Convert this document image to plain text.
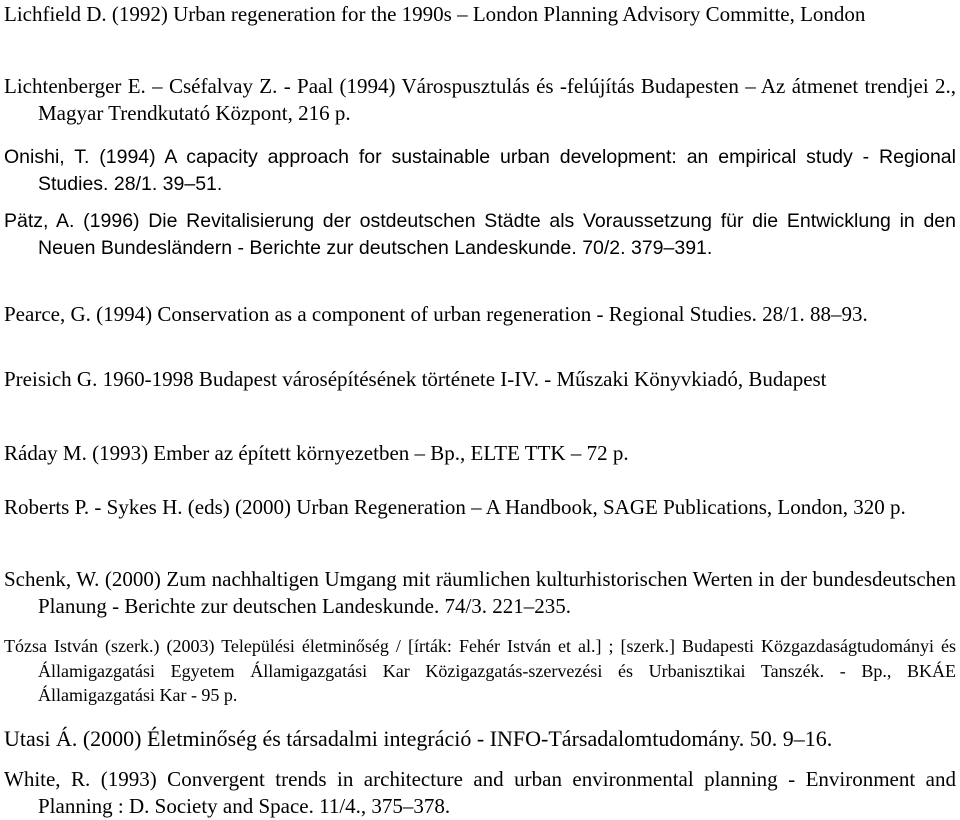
Lichfield D. (1992) Urban regeneration for the 1990s – London Planning Advisory Committe, London

Lichtenberger E. – Cséfalvay Z. - Paal (1994) Várospusztulás és -felújítás Budapesten – Az átmenet trendjei 2., Magyar Trendkutató Központ, 216 p.

Onishi, T. (1994) A capacity approach for sustainable urban development: an empirical study - Regional Studies. 28/1. 39–51.

Pätz, A. (1996) Die Revitalisierung der ostdeutschen Städte als Voraussetzung für die Entwicklung in den Neuen Bundesländern - Berichte zur deutschen Landeskunde. 70/2. 379–391.

Pearce, G. (1994) Conservation as a component of urban regeneration - Regional Studies. 28/1. 88–93.

Preisich G. 1960-1998 Budapest városépítésének története I-IV. - Műszaki Könyvkiadó, Budapest

Ráday M. (1993) Ember az épített környezetben – Bp., ELTE TTK – 72 p.

Roberts P. - Sykes H. (eds) (2000) Urban Regeneration – A Handbook, SAGE Publications, London, 320 p.

Schenk, W. (2000) Zum nachhaltigen Umgang mit räumlichen kulturhistorischen Werten in der bundesdeutschen Planung - Berichte zur deutschen Landeskunde. 74/3. 221–235.

Tózsa István (szerk.) (2003) Települési életminőség / [írták: Fehér István et al.] ; [szerk.] Budapesti Közgazdaságtudományi és Államigazgatási Egyetem Államigazgatási Kar Közigazgatás-szervezési és Urbanisztikai Tanszék. - Bp., BKÁE Államigazgatási Kar - 95 p.

Utasi Á. (2000) Életminőség és társadalmi integráció - INFO-Társadalomtudomány. 50. 9–16.

White, R. (1993) Convergent trends in architecture and urban environmental planning - Environment and Planning : D. Society and Space. 11/4., 375–378.
